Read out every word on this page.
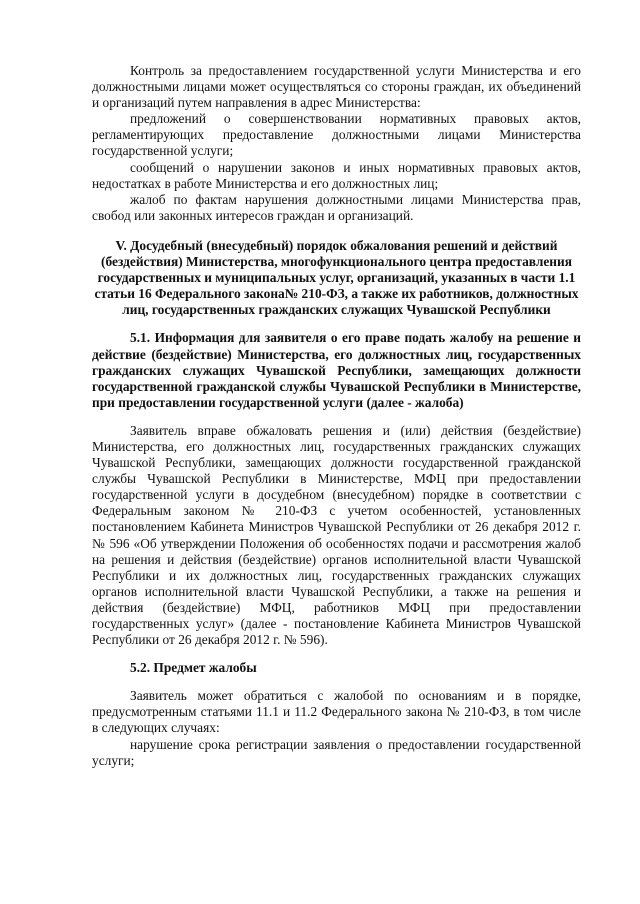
Контроль за предоставлением государственной услуги Министерства и его должностными лицами может осуществляться со стороны граждан, их объединений и организаций путем направления в адрес Министерства:

предложений о совершенствовании нормативных правовых актов, регламентирующих предоставление должностными лицами Министерства государственной услуги;

сообщений о нарушении законов и иных нормативных правовых актов, недостатках в работе Министерства и его должностных лиц;

жалоб по фактам нарушения должностными лицами Министерства прав, свобод или законных интересов граждан и организаций.

V. Досудебный (внесудебный) порядок обжалования решений и действий (бездействия) Министерства, многофункционального центра предоставления государственных и муниципальных услуг, организаций, указанных в части 1.1 статьи 16 Федерального закона№ 210-ФЗ, а также их работников, должностных лиц, государственных гражданских служащих Чувашской Республики

5.1. Информация для заявителя о его праве подать жалобу на решение и действие (бездействие) Министерства, его должностных лиц, государственных гражданских служащих Чувашской Республики, замещающих должности государственной гражданской службы Чувашской Республики в Министерстве, при предоставлении государственной услуги (далее - жалоба)

Заявитель вправе обжаловать решения и (или) действия (бездействие) Министерства, его должностных лиц, государственных гражданских служащих Чувашской Республики, замещающих должности государственной гражданской службы Чувашской Республики в Министерстве, МФЦ при предоставлении государственной услуги в досудебном (внесудебном) порядке в соответствии с Федеральным законом № 210-ФЗ с учетом особенностей, установленных постановлением Кабинета Министров Чувашской Республики от 26 декабря 2012 г. № 596 «Об утверждении Положения об особенностях подачи и рассмотрения жалоб на решения и действия (бездействие) органов исполнительной власти Чувашской Республики и их должностных лиц, государственных гражданских служащих органов исполнительной власти Чувашской Республики, а также на решения и действия (бездействие) МФЦ, работников МФЦ при предоставлении государственных услуг» (далее - постановление Кабинета Министров Чувашской Республики от 26 декабря 2012 г. № 596).

5.2. Предмет жалобы

Заявитель может обратиться с жалобой по основаниям и в порядке, предусмотренным статьями 11.1 и 11.2 Федерального закона № 210-ФЗ, в том числе в следующих случаях:

нарушение срока регистрации заявления о предоставлении государственной услуги;
